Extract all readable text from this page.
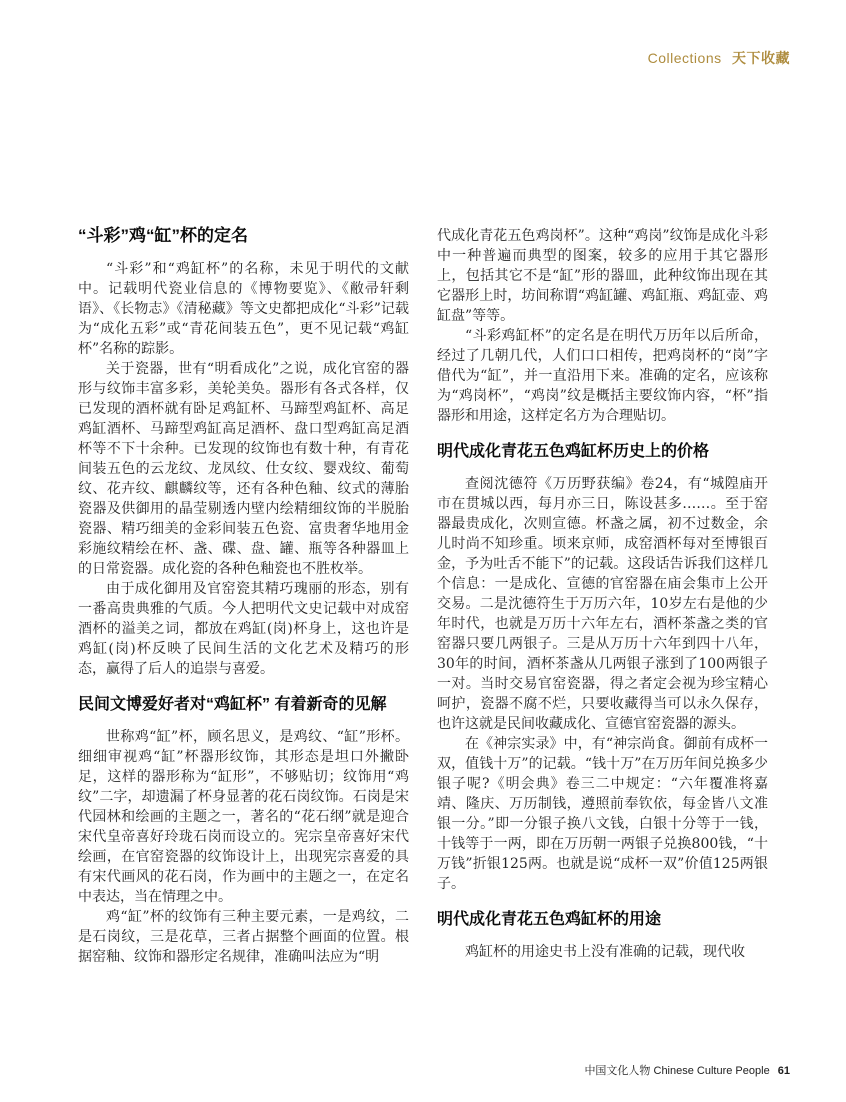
Collections 天下收藏
“斗彩”鸡“缸”杯的定名

“斗彩”和“鸡缸杯”的名称，未见于明代的文献中。记载明代瓷业信息的《博物要览》、《敝帚轩剩语》、《长物志》《清秘藏》等文史都把成化“斗彩”记载为“成化五彩”或“青花间装五色”，更不见记载“鸡缸杯”名称的踪影。

关于瓷器，世有“明看成化”之说，成化官窑的器形与纹饰丰富多彩，美轮美奂。器形有各式各样，仅已发现的酒杯就有卧足鸡缸杯、马蹄型鸡缸杯、高足鸡缸酒杯、马蹄型鸡缸高足酒杯、盘口型鸡缸高足酒杯等不下十余种。已发现的纹饰也有数十种，有青花间装五色的云龙纹、龙凤纹、仕女纹、婴戏纹、葡萄纹、花卉纹、麒麟纹等，还有各种色釉、纹式的薄胎瓷器及供御用的晶莹剔透内壁内绘精细纹饰的半脱胎瓷器、精巧细美的金彩间装五色瓷、富贵奢华地用金彩施纹精绘在杯、盏、碟、盘、罐、瓶等各种器皿上的日常瓷器。成化瓷的各种色釉瓷也不胜枚举。

由于成化御用及官窑瓷其精巧瑰丽的形态，别有一番高贵典雅的气质。今人把明代文史记载中对成窑酒杯的溢美之词，都放在鸡缸(岗)杯身上，这也许是鸡缸(岗)杯反映了民间生活的文化艺术及精巧的形态，赢得了后人的追崇与喜爱。

民间文博爱好者对“鸡缸杯” 有着新奇的见解

世称鸡“缸”杯，顾名思义，是鸡纹、“缸”形杯。细细审视鸡“缸”杯器形纹饰，其形态是坦口外撇卧足，这样的器形称为“缸形”，不够贴切；纹饰用“鸡纹”二字，却遗漏了杯身显著的花石岗纹饰。石岗是宋代园林和绘画的主题之一，著名的“花石纲”就是迎合宋代皇帝喜好玲珑石岗而设立的。宪宗皇帝喜好宋代绘画，在官窑瓷器的纹饰设计上，出现宪宗喜爱的具有宋代画风的花石岗，作为画中的主题之一，在定名中表达，当在情理之中。

鸡“缸”杯的纹饰有三种主要元素，一是鸡纹，二是石岗纹，三是花草，三者占据整个画面的位置。根据窑釉、纹饰和器形定名规律，准确叫法应为“明

代成化青花五色鸡岗杯”。这种“鸡岗”纹饰是成化斗彩中一种普遍而典型的图案，较多的应用于其它器形上，包括其它不是“缸”形的器皿，此种纹饰出现在其它器形上时，坊间称谓“鸡缸罐、鸡缸瓶、鸡缸壶、鸡缸盘”等等。

“斗彩鸡缸杯”的定名是在明代万历年以后所命，经过了几朝几代，人们口口相传，把鸡岗杯的“岗”字借代为“缸”，并一直沿用下来。准确的定名，应该称为“鸡岗杯”，“鸡岗”纹是概括主要纹饰内容，“杯”指器形和用途，这样定名方为合理贴切。

明代成化青花五色鸡缸杯历史上的价格

查阅沈德符《万历野获编》卷24，有“城隍庙开市在贯城以西，每月亦三日，陈设甚多……。至于窑器最贵成化，次则宣德。杯盏之属，初不过数金，余儿时尚不知珍重。顷来京师，成窑酒杯每对至博银百金，予为吐舌不能下”的记载。这段话告诉我们这样几个信息：一是成化、宣德的官窑器在庙会集市上公开交易。二是沈德符生于万历六年，10岁左右是他的少年时代，也就是万历十六年左右，酒杯茶盏之类的官窑器只要几两银子。三是从万历十六年到四十八年，30年的时间，酒杯茶盏从几两银子涨到了100两银子一对。当时交易官窑瓷器，得之者定会视为珍宝精心呵护，瓷器不腐不烂，只要收藏得当可以永久保存，也许这就是民间收藏成化、宣德官窑瓷器的源头。

在《神宗实录》中，有“神宗尚食。御前有成杯一双，值钱十万”的记载。“钱十万”在万历年间兑换多少银子呢?《明会典》卷三二中规定：“六年覆准将嘉靖、隆庆、万历制钱，遵照前奉钦依，每金皆八文准银一分。”即一分银子换八文钱，白银十分等于一钱，十钱等于一两，即在万历朝一两银子兑换800钱，“十万钱”折银125两。也就是说“成杯一双”价值125两银子。

明代成化青花五色鸡缸杯的用途

鸡缸杯的用途史书上没有准确的记载，现代收

中国文化人物 Chinese Culture People 61
